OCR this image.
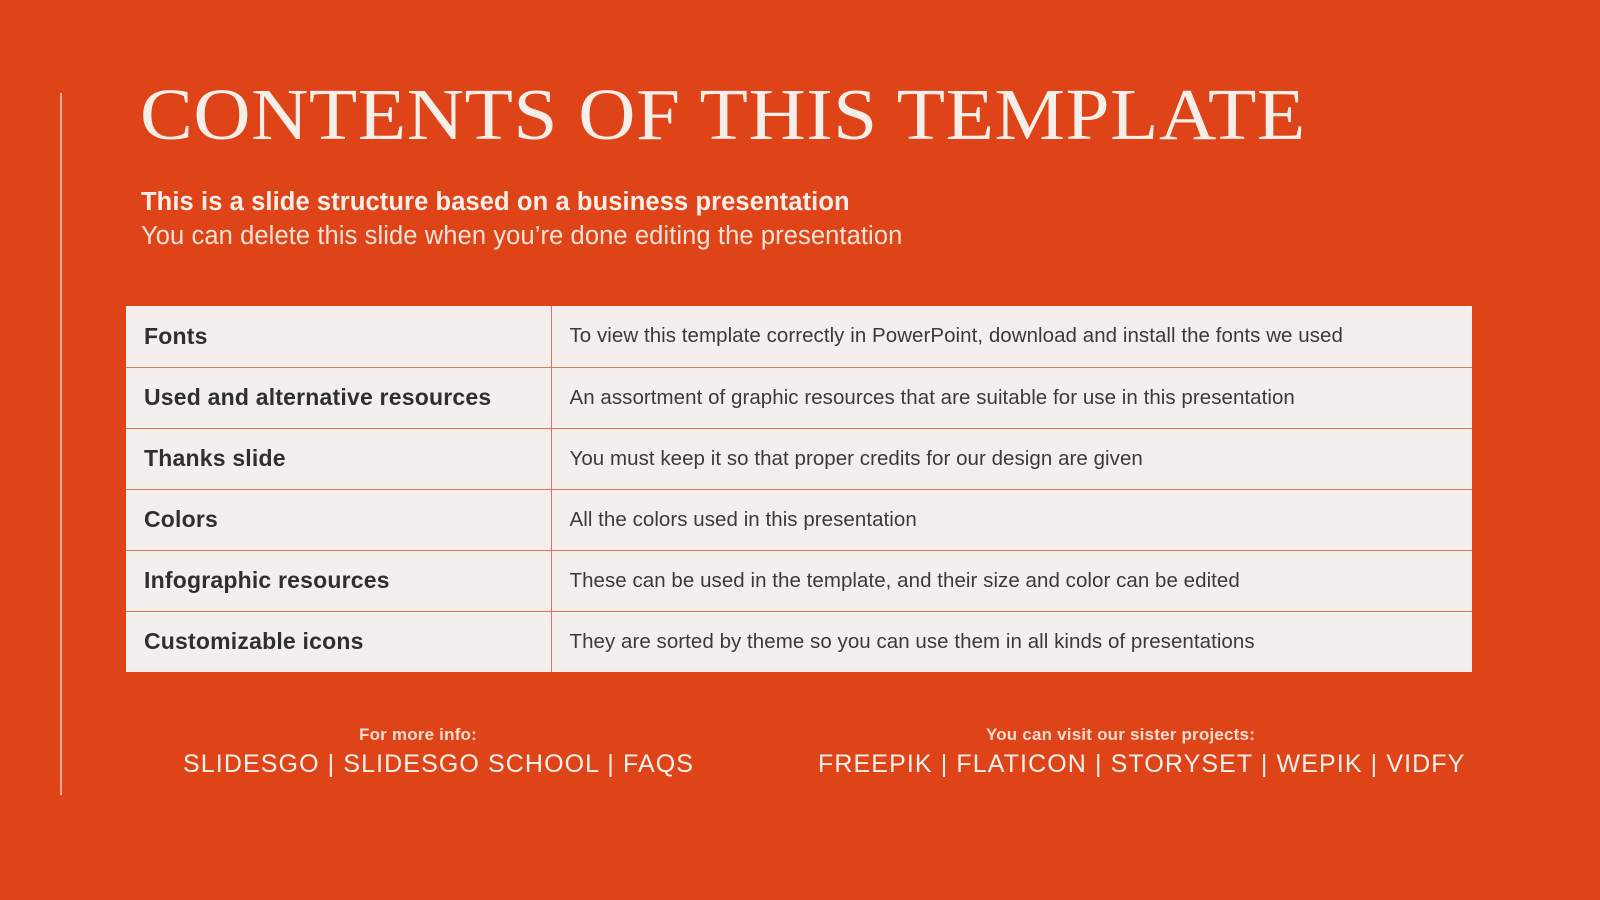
CONTENTS OF THIS TEMPLATE
This is a slide structure based on a business presentation
You can delete this slide when you’re done editing the presentation
Fonts	To view this template correctly in PowerPoint, download and install the fonts we used
Used and alternative resources	An assortment of graphic resources that are suitable for use in this presentation
Thanks slide	You must keep it so that proper credits for our design are given
Colors	All the colors used in this presentation
Infographic resources	These can be used in the template, and their size and color can be edited
Customizable icons	They are sorted by theme so you can use them in all kinds of presentations
For more info:
SLIDESGO | SLIDESGO SCHOOL | FAQS
You can visit our sister projects:
FREEPIK | FLATICON | STORYSET | WEPIK | VIDFY
